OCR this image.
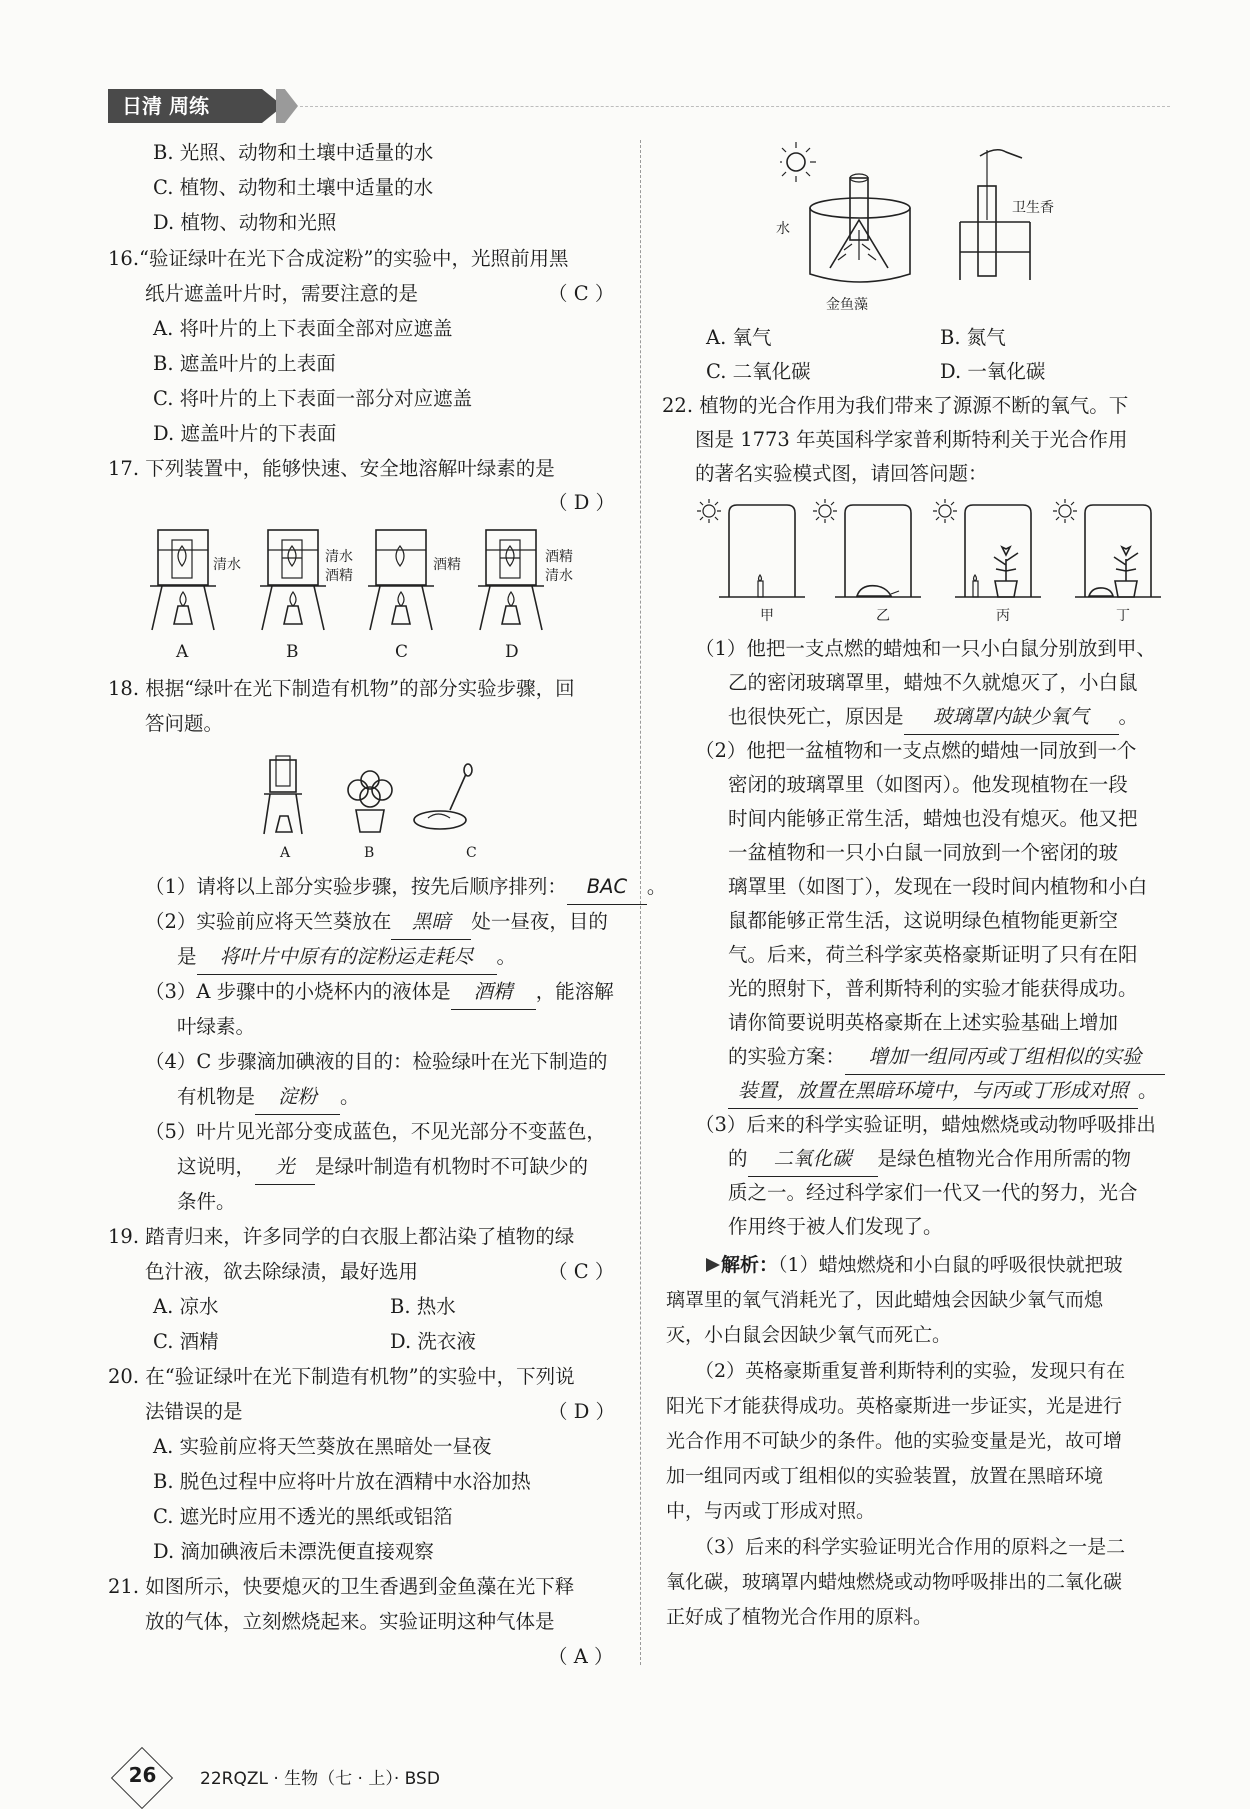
日清 周练
B. 光照、动物和土壤中适量的水
C. 植物、动物和土壤中适量的水
D. 植物、动物和光照
16.“验证绿叶在光下合成淀粉”的实验中，光照前用黑
纸片遮盖叶片时，需要注意的是	（ C ）
A. 将叶片的上下表面全部对应遮盖
B. 遮盖叶片的上表面
C. 将叶片的上下表面一部分对应遮盖
D. 遮盖叶片的下表面
17. 下列装置中，能够快速、安全地溶解叶绿素的是
（ D ）
清水	清水
酒精
酒精	酒精
清水
A	B	C	D
18. 根据“绿叶在光下制造有机物”的部分实验步骤，回
答问题。
A	B	C
（1）请将以上部分实验步骤，按先后顺序排列： BAC 。
（2）实验前应将天竺葵放在 黑暗 处一昼夜，目的
是 将叶片中原有的淀粉运走耗尽 。
（3）A 步骤中的小烧杯内的液体是 酒精 ，能溶解
叶绿素。
（4）C 步骤滴加碘液的目的：检验绿叶在光下制造的
有机物是 淀粉 。
（5）叶片见光部分变成蓝色，不见光部分不变蓝色，
这说明， 光 是绿叶制造有机物时不可缺少的
条件。
19. 踏青归来，许多同学的白衣服上都沾染了植物的绿
色汁液，欲去除绿渍，最好选用	（ C ）
A. 凉水	B. 热水
C. 酒精	D. 洗衣液
20. 在“验证绿叶在光下制造有机物”的实验中，下列说
法错误的是	（ D ）
A. 实验前应将天竺葵放在黑暗处一昼夜
B. 脱色过程中应将叶片放在酒精中水浴加热
C. 遮光时应用不透光的黑纸或铝箔
D. 滴加碘液后未漂洗便直接观察
21. 如图所示，快要熄灭的卫生香遇到金鱼藻在光下释
放的气体，立刻燃烧起来。实验证明这种气体是
（ A ）
水
金鱼藻
卫生香
A. 氧气	B. 氮气
C. 二氧化碳	D. 一氧化碳
22. 植物的光合作用为我们带来了源源不断的氧气。下
图是 1773 年英国科学家普利斯特利关于光合作用
的著名实验模式图，请回答问题：
甲	乙	丙	丁
（1）他把一支点燃的蜡烛和一只小白鼠分别放到甲、
乙的密闭玻璃罩里，蜡烛不久就熄灭了，小白鼠
也很快死亡，原因是 玻璃罩内缺少氧气 。
（2）他把一盆植物和一支点燃的蜡烛一同放到一个
密闭的玻璃罩里（如图丙）。他发现植物在一段
时间内能够正常生活，蜡烛也没有熄灭。他又把
一盆植物和一只小白鼠一同放到一个密闭的玻
璃罩里（如图丁），发现在一段时间内植物和小白
鼠都能够正常生活，这说明绿色植物能更新空
气。后来，荷兰科学家英格豪斯证明了只有在阳
光的照射下，普利斯特利的实验才能获得成功。
请你简要说明英格豪斯在上述实验基础上增加
的实验方案： 增加一组同丙或丁组相似的实验
装置，放置在黑暗环境中，与丙或丁形成对照 。
（3）后来的科学实验证明，蜡烛燃烧或动物呼吸排出
的 二氧化碳 是绿色植物光合作用所需的物
质之一。经过科学家们一代又一代的努力，光合
作用终于被人们发现了。
解析：（1）蜡烛燃烧和小白鼠的呼吸很快就把玻
璃罩里的氧气消耗光了，因此蜡烛会因缺少氧气而熄
灭，小白鼠会因缺少氧气而死亡。
（2）英格豪斯重复普利斯特利的实验，发现只有在
阳光下才能获得成功。英格豪斯进一步证实，光是进行
光合作用不可缺少的条件。他的实验变量是光，故可增
加一组同丙或丁组相似的实验装置，放置在黑暗环境
中，与丙或丁形成对照。
（3）后来的科学实验证明光合作用的原料之一是二
氧化碳，玻璃罩内蜡烛燃烧或动物呼吸排出的二氧化碳
正好成了植物光合作用的原料。
26	22RQZL · 生物（七 · 上）· BSD
